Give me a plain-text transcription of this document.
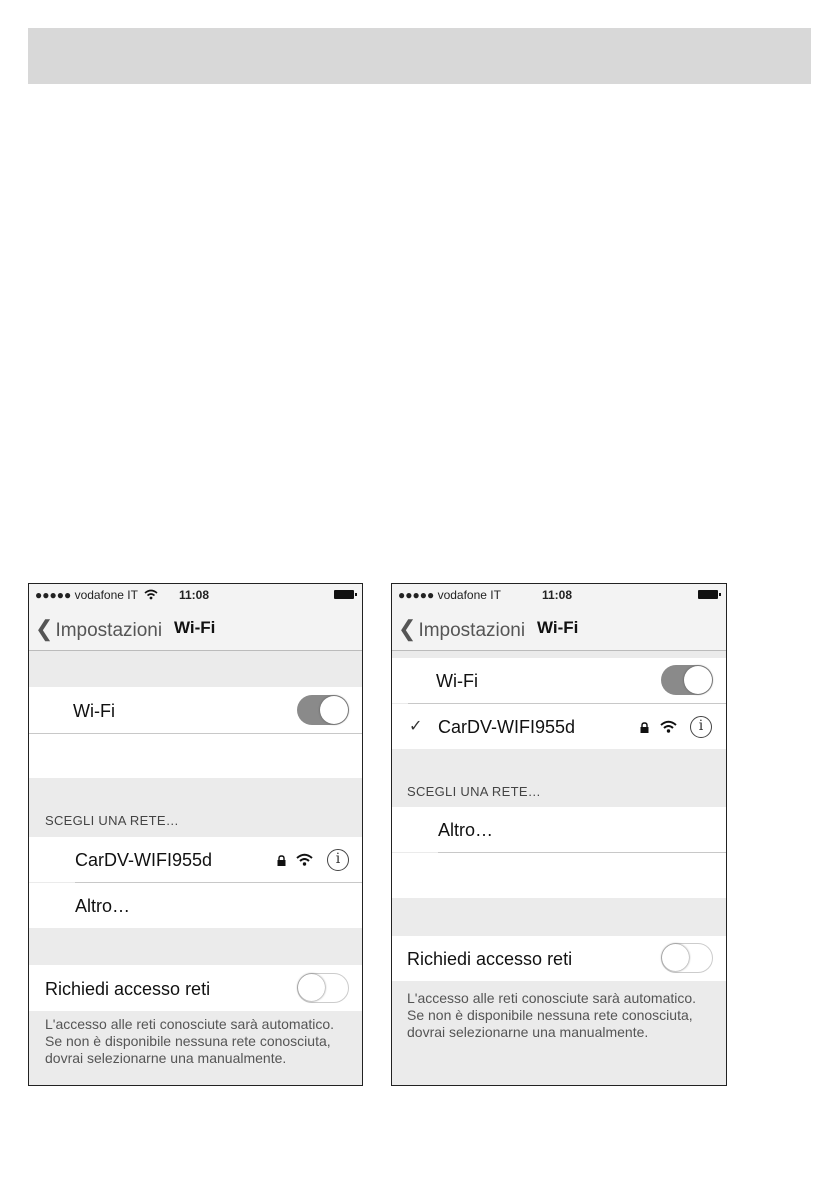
●●●●● vodafone IT	11:08
❮ Impostazioni Wi-Fi
Wi-Fi
SCEGLI UNA RETE…
CarDV-WIFI955d	i
Altro…
Richiedi accesso reti
L'accesso alle reti conosciute sarà automatico. Se non è disponibile nessuna rete conosciuta, dovrai selezionarne una manualmente.
●●●●● vodafone IT	11:08
❮ Impostazioni Wi-Fi
Wi-Fi
✓ CarDV-WIFI955d	i
SCEGLI UNA RETE…
Altro…
Richiedi accesso reti
L'accesso alle reti conosciute sarà automatico. Se non è disponibile nessuna rete conosciuta, dovrai selezionarne una manualmente.
